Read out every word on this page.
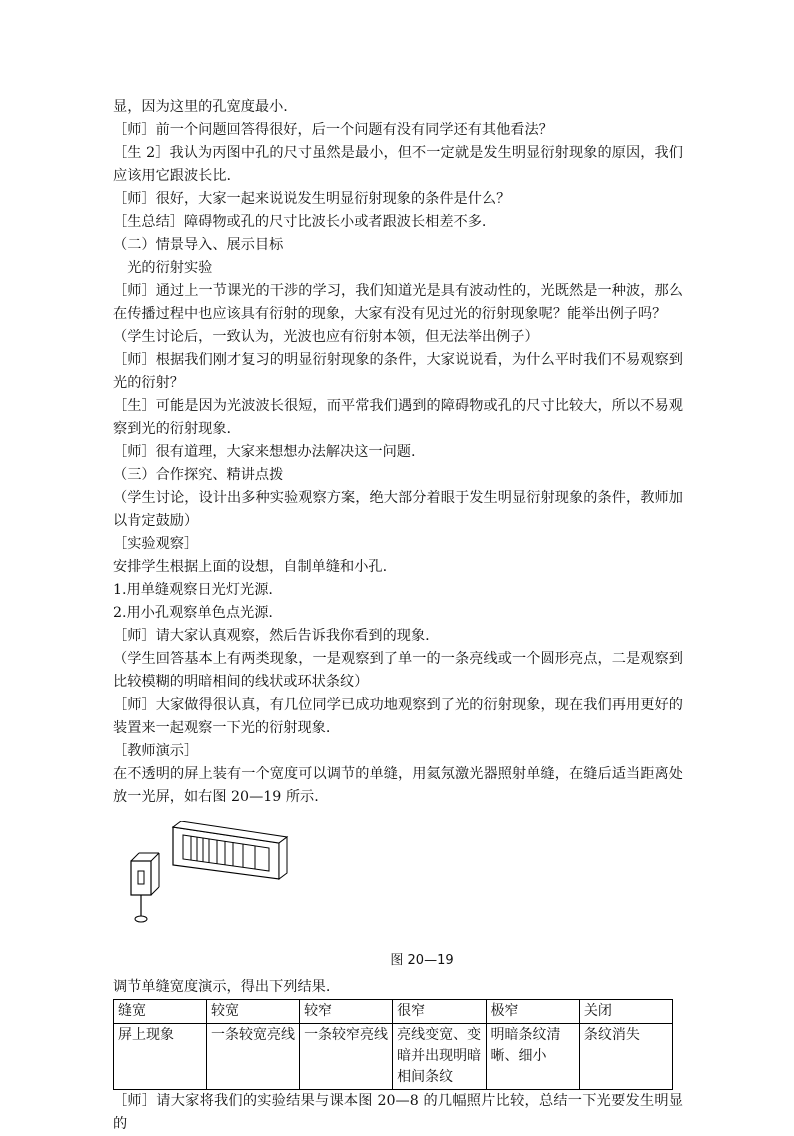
显，因为这里的孔宽度最小.

［师］前一个问题回答得很好，后一个问题有没有同学还有其他看法？

［生 2］我认为丙图中孔的尺寸虽然是最小，但不一定就是发生明显衍射现象的原因，我们应该用它跟波长比.

［师］很好，大家一起来说说发生明显衍射现象的条件是什么？

［生总结］障碍物或孔的尺寸比波长小或者跟波长相差不多.

（二）情景导入、展示目标

　光的衍射实验

［师］通过上一节课光的干涉的学习，我们知道光是具有波动性的，光既然是一种波，那么在传播过程中也应该具有衍射的现象，大家有没有见过光的衍射现象呢？能举出例子吗？

（学生讨论后，一致认为，光波也应有衍射本领，但无法举出例子）

［师］根据我们刚才复习的明显衍射现象的条件，大家说说看，为什么平时我们不易观察到光的衍射？

［生］可能是因为光波波长很短，而平常我们遇到的障碍物或孔的尺寸比较大，所以不易观察到光的衍射现象.

［师］很有道理，大家来想想办法解决这一问题.

（三）合作探究、精讲点拨

（学生讨论，设计出多种实验观察方案，绝大部分着眼于发生明显衍射现象的条件，教师加以肯定鼓励）

［实验观察］

安排学生根据上面的设想，自制单缝和小孔.

1.用单缝观察日光灯光源.

2.用小孔观察单色点光源.

［师］请大家认真观察，然后告诉我你看到的现象.

（学生回答基本上有两类现象，一是观察到了单一的一条亮线或一个圆形亮点，二是观察到比较模糊的明暗相间的线状或环状条纹）

［师］大家做得很认真，有几位同学已成功地观察到了光的衍射现象，现在我们再用更好的装置来一起观察一下光的衍射现象.

［教师演示］

在不透明的屏上装有一个宽度可以调节的单缝，用氦氖激光器照射单缝，在缝后适当距离处放一光屏，如右图 20—19 所示.

图 20—19

调节单缝宽度演示，得出下列结果.

缝宽	较宽	较窄	很窄	极窄	关闭
屏上现象	一条较宽亮线	一条较窄亮线	亮线变宽、变暗并出现明暗相间条纹	明暗条纹清晰、细小	条纹消失

［师］请大家将我们的实验结果与课本图 20—8 的几幅照片比较，总结一下光要发生明显的
